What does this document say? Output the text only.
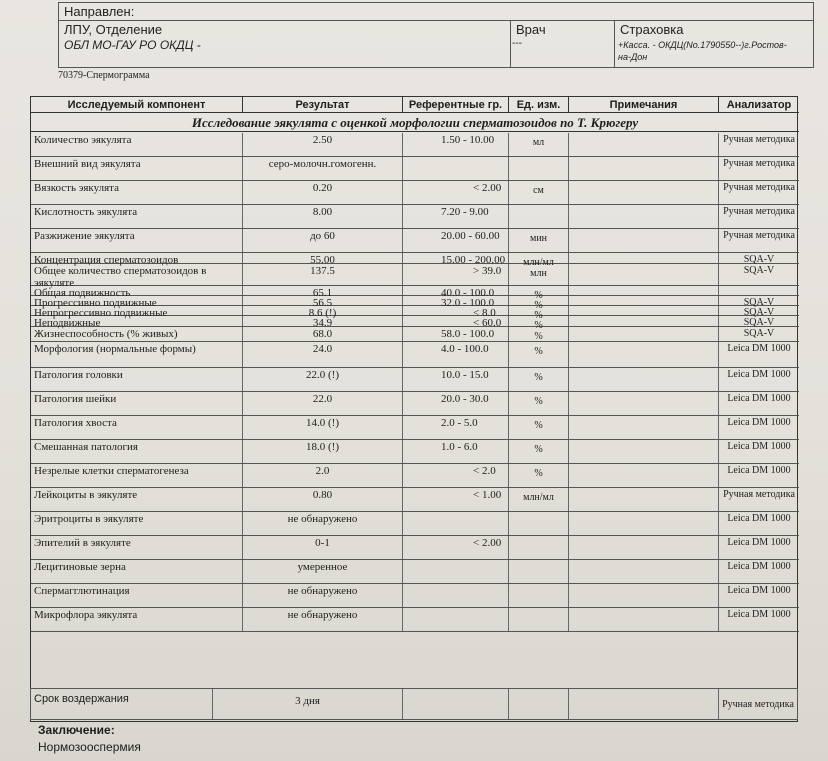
Направлен:
ЛПУ, Отделение
ОБЛ МО-ГАУ РО ОКДЦ -
Врач
---
Страховка
+Касса. - ОКДЦ(No.1790550--)г.Ростов-
на-Дон
70379-Спермограмма
Исследуемый компонент	Результат	Референтные гр.	Ед. изм.	Примечания	Анализатор
Исследование эякулята с оценкой морфологии сперматозоидов по Т. Крюгеру
Количество эякулята	2.50	1.50 - 10.00	мл	Ручная методика
Внешний вид эякулята	серо-молочн.гомогенн.	Ручная методика
Вязкость эякулята	0.20	< 2.00	см	Ручная методика
Кислотность эякулята	8.00	7.20 - 9.00	Ручная методика
Разжижение эякулята	до 60	20.00 - 60.00	мин	Ручная методика
Концентрация сперматозоидов	55.00	15.00 - 200.00	млн/мл	SQA-V
Общее количество сперматозоидов в эякуляте
137.5	> 39.0	млн	SQA-V
Общая подвижность	65.1	40.0 - 100.0	%
Прогрессивно подвижные	56.5	32.0 - 100.0	%	SQA-V
Непрогрессивно подвижные	8.6 (!)	< 8.0	%	SQA-V
Неподвижные	34.9	< 60.0	%	SQA-V
Жизнеспособность (% живых)	68.0	58.0 - 100.0	%	SQA-V
Морфология (нормальные формы)	24.0	4.0 - 100.0	%	Leica DM 1000
Патология головки	22.0 (!)	10.0 - 15.0	%	Leica DM 1000
Патология шейки	22.0	20.0 - 30.0	%	Leica DM 1000
Патология хвоста	14.0 (!)	2.0 - 5.0	%	Leica DM 1000
Смешанная патология	18.0 (!)	1.0 - 6.0	%	Leica DM 1000
Незрелые клетки сперматогенеза	2.0	< 2.0	%	Leica DM 1000
Лейкоциты в эякуляте	0.80	< 1.00	млн/мл	Ручная методика
Эритроциты в эякуляте	не обнаружено	Leica DM 1000
Эпителий в эякуляте	0-1	< 2.00	Leica DM 1000
Лецитиновые зерна	умеренное	Leica DM 1000
Спермагглютинация	не обнаружено	Leica DM 1000
Микрофлора эякулята	не обнаружено	Leica DM 1000
Срок воздержания	3 дня	Ручная методика
Заключение:
Нормозооспермия
